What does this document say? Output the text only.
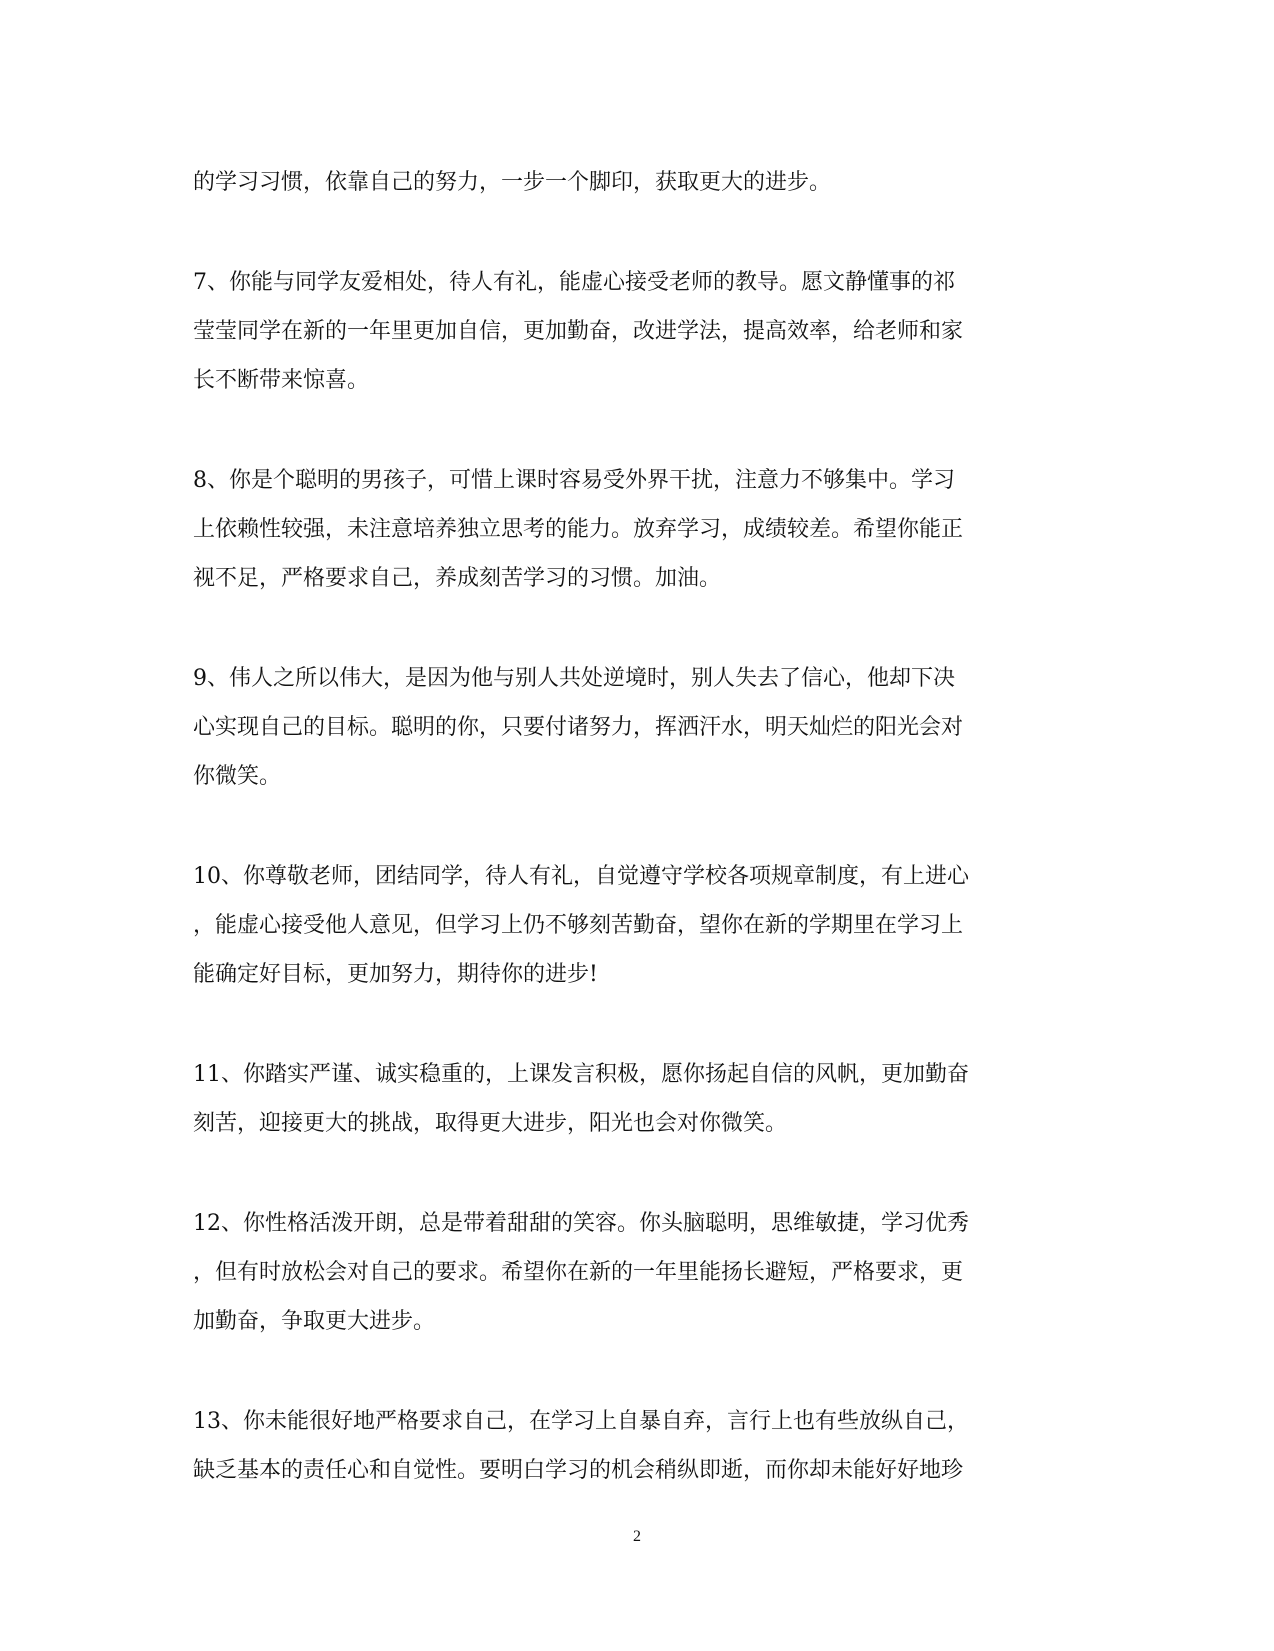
的学习习惯，依靠自己的努力，一步一个脚印，获取更大的进步。
7、你能与同学友爱相处，待人有礼，能虚心接受老师的教导。愿文静懂事的祁
莹莹同学在新的一年里更加自信，更加勤奋，改进学法，提高效率，给老师和家
长不断带来惊喜。
8、你是个聪明的男孩子，可惜上课时容易受外界干扰，注意力不够集中。学习
上依赖性较强，未注意培养独立思考的能力。放弃学习，成绩较差。希望你能正
视不足，严格要求自己，养成刻苦学习的习惯。加油。
9、伟人之所以伟大，是因为他与别人共处逆境时，别人失去了信心，他却下决
心实现自己的目标。聪明的你，只要付诸努力，挥洒汗水，明天灿烂的阳光会对
你微笑。
10、你尊敬老师，团结同学，待人有礼，自觉遵守学校各项规章制度，有上进心
，能虚心接受他人意见，但学习上仍不够刻苦勤奋，望你在新的学期里在学习上
能确定好目标，更加努力，期待你的进步!
11、你踏实严谨、诚实稳重的，上课发言积极，愿你扬起自信的风帆，更加勤奋
刻苦，迎接更大的挑战，取得更大进步，阳光也会对你微笑。
12、你性格活泼开朗，总是带着甜甜的笑容。你头脑聪明，思维敏捷，学习优秀
，但有时放松会对自己的要求。希望你在新的一年里能扬长避短，严格要求，更
加勤奋，争取更大进步。
13、你未能很好地严格要求自己，在学习上自暴自弃，言行上也有些放纵自己，
缺乏基本的责任心和自觉性。要明白学习的机会稍纵即逝，而你却未能好好地珍
2
